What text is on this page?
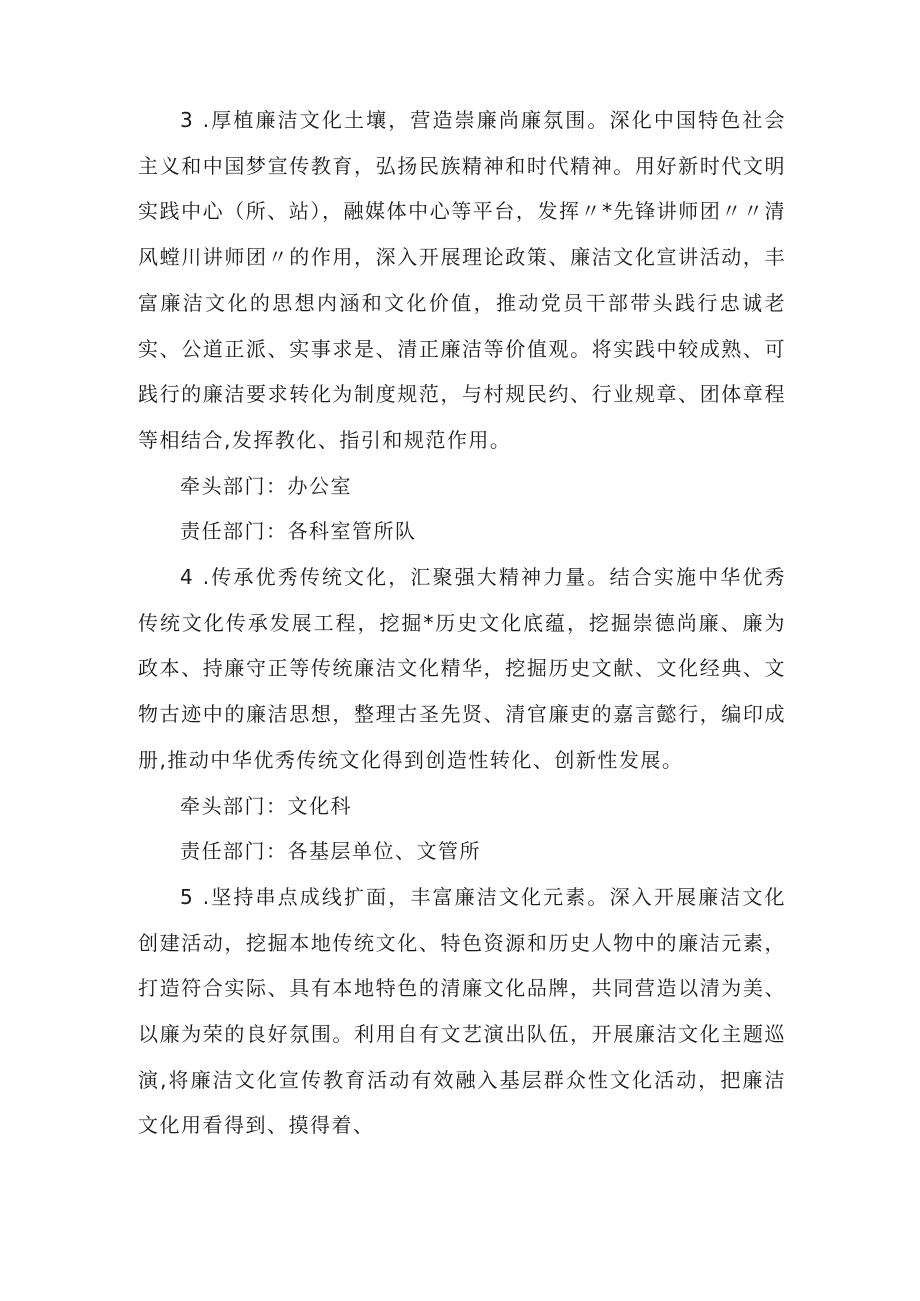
3 .厚植廉洁文化土壤，营造崇廉尚廉氛围。深化中国特色社会主义和中国梦宣传教育，弘扬民族精神和时代精神。用好新时代文明实践中心（所、站），融媒体中心等平台，发挥〃*先锋讲师团〃〃清风螳川讲师团〃的作用，深入开展理论政策、廉洁文化宣讲活动，丰富廉洁文化的思想内涵和文化价值，推动党员干部带头践行忠诚老实、公道正派、实事求是、清正廉洁等价值观。将实践中较成熟、可践行的廉洁要求转化为制度规范，与村规民约、行业规章、团体章程等相结合,发挥教化、指引和规范作用。

牵头部门：办公室

责任部门：各科室管所队

4 .传承优秀传统文化，汇聚强大精神力量。结合实施中华优秀传统文化传承发展工程，挖掘*历史文化底蕴，挖掘崇德尚廉、廉为政本、持廉守正等传统廉洁文化精华，挖掘历史文献、文化经典、文物古迹中的廉洁思想，整理古圣先贤、清官廉吏的嘉言懿行，编印成册,推动中华优秀传统文化得到创造性转化、创新性发展。

牵头部门：文化科

责任部门：各基层单位、文管所

5 .坚持串点成线扩面，丰富廉洁文化元素。深入开展廉洁文化创建活动，挖掘本地传统文化、特色资源和历史人物中的廉洁元素，打造符合实际、具有本地特色的清廉文化品牌，共同营造以清为美、以廉为荣的良好氛围。利用自有文艺演出队伍，开展廉洁文化主题巡演,将廉洁文化宣传教育活动有效融入基层群众性文化活动，把廉洁文化用看得到、摸得着、
